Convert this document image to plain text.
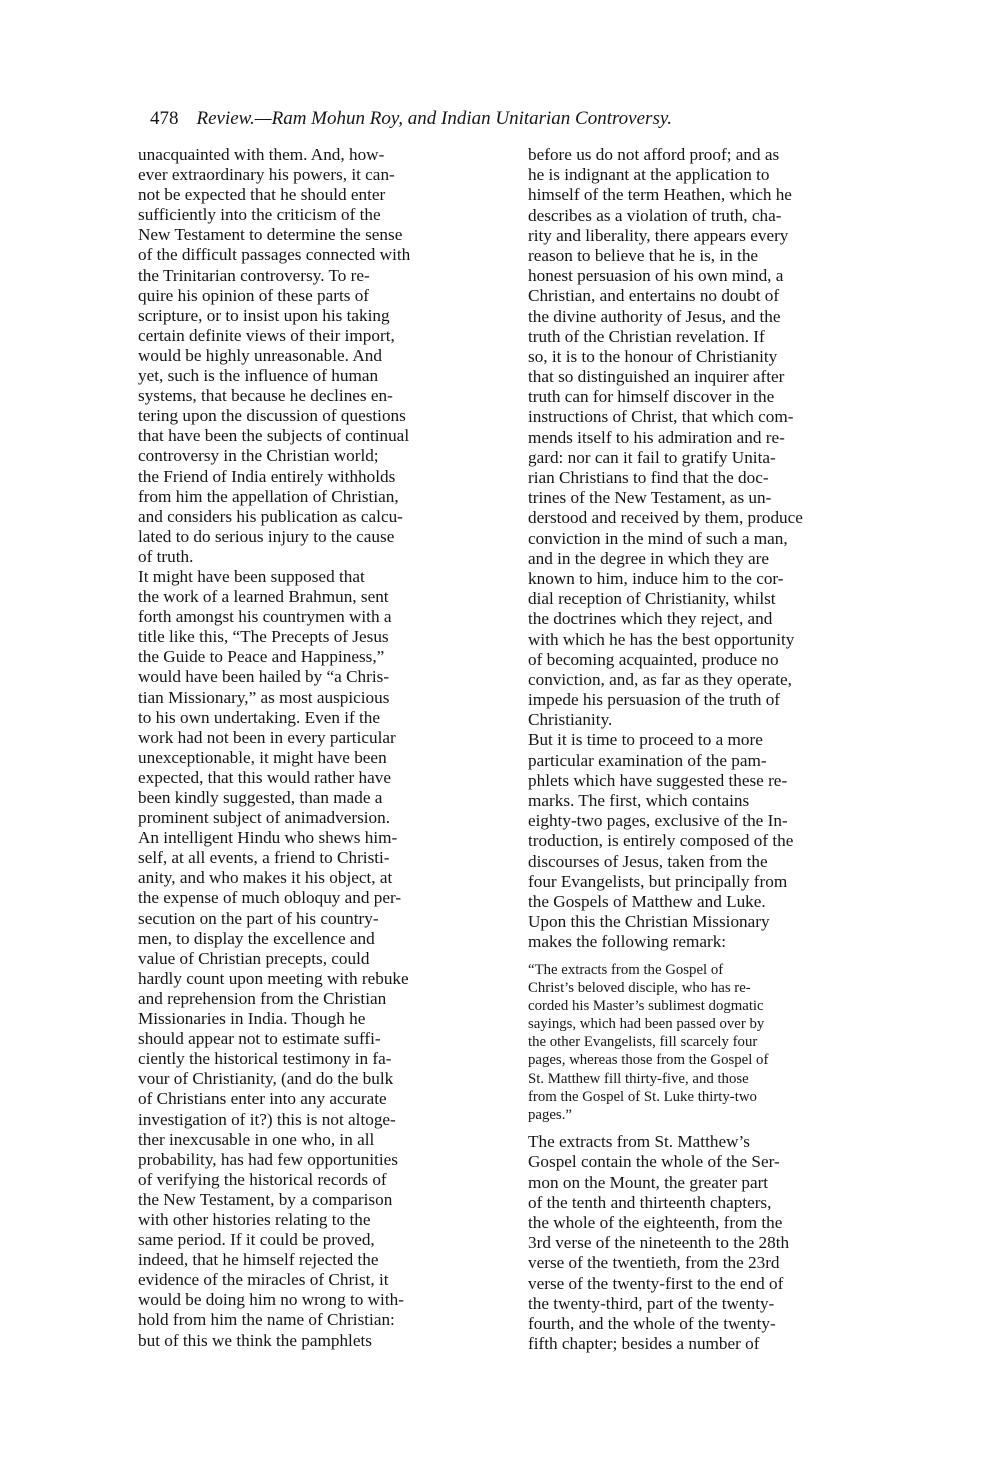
478 Review.—Ram Mohun Roy, and Indian Unitarian Controversy.
unacquainted with them. And, how-
ever extraordinary his powers, it can-
not be expected that he should enter
sufficiently into the criticism of the
New Testament to determine the sense
of the difficult passages connected with
the Trinitarian controversy. To re-
quire his opinion of these parts of
scripture, or to insist upon his taking
certain definite views of their import,
would be highly unreasonable. And
yet, such is the influence of human
systems, that because he declines en-
tering upon the discussion of questions
that have been the subjects of continual
controversy in the Christian world;
the Friend of India entirely withholds
from him the appellation of Christian,
and considers his publication as calcu-
lated to do serious injury to the cause
of truth.
It might have been supposed that
the work of a learned Brahmun, sent
forth amongst his countrymen with a
title like this, “The Precepts of Jesus
the Guide to Peace and Happiness,”
would have been hailed by “a Chris-
tian Missionary,” as most auspicious
to his own undertaking. Even if the
work had not been in every particular
unexceptionable, it might have been
expected, that this would rather have
been kindly suggested, than made a
prominent subject of animadversion.
An intelligent Hindu who shews him-
self, at all events, a friend to Christi-
anity, and who makes it his object, at
the expense of much obloquy and per-
secution on the part of his country-
men, to display the excellence and
value of Christian precepts, could
hardly count upon meeting with rebuke
and reprehension from the Christian
Missionaries in India. Though he
should appear not to estimate suffi-
ciently the historical testimony in fa-
vour of Christianity, (and do the bulk
of Christians enter into any accurate
investigation of it?) this is not altoge-
ther inexcusable in one who, in all
probability, has had few opportunities
of verifying the historical records of
the New Testament, by a comparison
with other histories relating to the
same period. If it could be proved,
indeed, that he himself rejected the
evidence of the miracles of Christ, it
would be doing him no wrong to with-
hold from him the name of Christian:
but of this we think the pamphlets
before us do not afford proof; and as
he is indignant at the application to
himself of the term Heathen, which he
describes as a violation of truth, cha-
rity and liberality, there appears every
reason to believe that he is, in the
honest persuasion of his own mind, a
Christian, and entertains no doubt of
the divine authority of Jesus, and the
truth of the Christian revelation. If
so, it is to the honour of Christianity
that so distinguished an inquirer after
truth can for himself discover in the
instructions of Christ, that which com-
mends itself to his admiration and re-
gard: nor can it fail to gratify Unita-
rian Christians to find that the doc-
trines of the New Testament, as un-
derstood and received by them, produce
conviction in the mind of such a man,
and in the degree in which they are
known to him, induce him to the cor-
dial reception of Christianity, whilst
the doctrines which they reject, and
with which he has the best opportunity
of becoming acquainted, produce no
conviction, and, as far as they operate,
impede his persuasion of the truth of
Christianity.
But it is time to proceed to a more
particular examination of the pam-
phlets which have suggested these re-
marks. The first, which contains
eighty-two pages, exclusive of the In-
troduction, is entirely composed of the
discourses of Jesus, taken from the
four Evangelists, but principally from
the Gospels of Matthew and Luke.
Upon this the Christian Missionary
makes the following remark:
“The extracts from the Gospel of
Christ’s beloved disciple, who has re-
corded his Master’s sublimest dogmatic
sayings, which had been passed over by
the other Evangelists, fill scarcely four
pages, whereas those from the Gospel of
St. Matthew fill thirty-five, and those
from the Gospel of St. Luke thirty-two
pages.”
The extracts from St. Matthew’s
Gospel contain the whole of the Ser-
mon on the Mount, the greater part
of the tenth and thirteenth chapters,
the whole of the eighteenth, from the
3rd verse of the nineteenth to the 28th
verse of the twentieth, from the 23rd
verse of the twenty-first to the end of
the twenty-third, part of the twenty-
fourth, and the whole of the twenty-
fifth chapter; besides a number of
